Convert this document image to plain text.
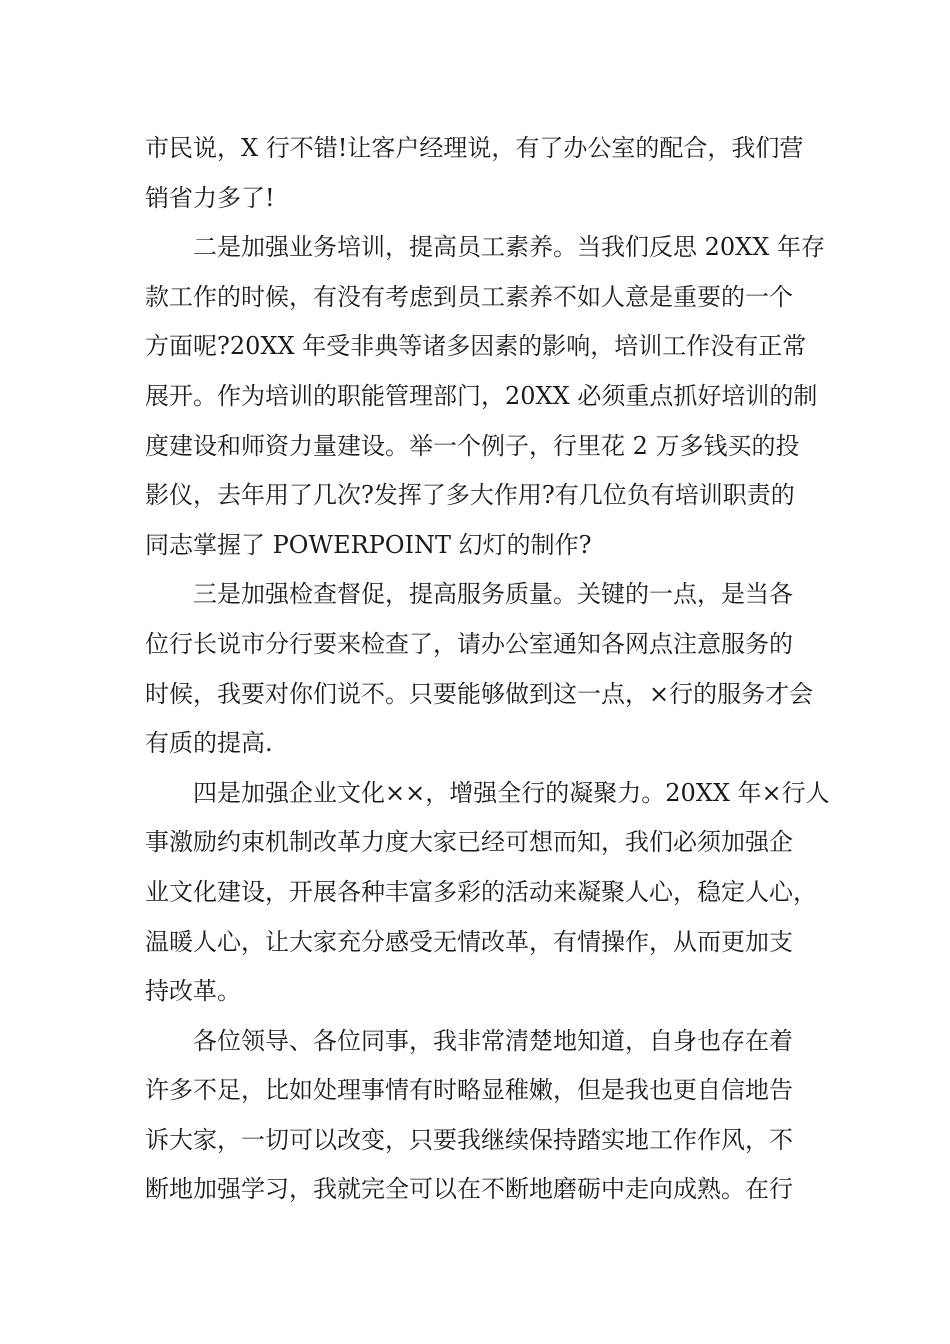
市民说，X 行不错!让客户经理说，有了办公室的配合，我们营
销省力多了!
二是加强业务培训，提高员工素养。当我们反思 20XX 年存
款工作的时候，有没有考虑到员工素养不如人意是重要的一个
方面呢?20XX 年受非典等诸多因素的影响，培训工作没有正常
展开。作为培训的职能管理部门，20XX 必须重点抓好培训的制
度建设和师资力量建设。举一个例子，行里花 2 万多钱买的投
影仪，去年用了几次?发挥了多大作用?有几位负有培训职责的
同志掌握了 POWERPOINT 幻灯的制作?
三是加强检查督促，提高服务质量。关键的一点，是当各
位行长说市分行要来检查了，请办公室通知各网点注意服务的
时候，我要对你们说不。只要能够做到这一点，×行的服务才会
有质的提高.
四是加强企业文化××，增强全行的凝聚力。20XX 年×行人
事激励约束机制改革力度大家已经可想而知，我们必须加强企
业文化建设，开展各种丰富多彩的活动来凝聚人心，稳定人心，
温暖人心，让大家充分感受无情改革，有情操作，从而更加支
持改革。
各位领导、各位同事，我非常清楚地知道，自身也存在着
许多不足，比如处理事情有时略显稚嫩，但是我也更自信地告
诉大家，一切可以改变，只要我继续保持踏实地工作作风，不
断地加强学习，我就完全可以在不断地磨砺中走向成熟。在行
